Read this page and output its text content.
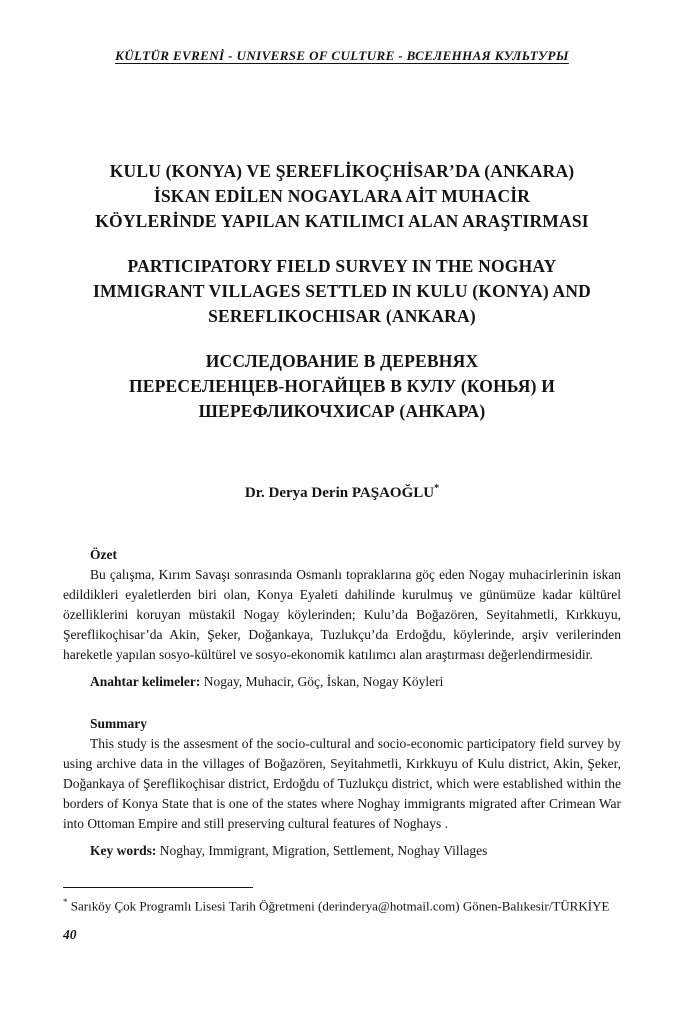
KÜLTÜR EVRENİ - UNIVERSE OF CULTURE - ВСЕЛЕННАЯ КУЛЬТУРЫ
KULU (KONYA) VE ŞEREFLİKOÇHİSAR’DA (ANKARA)
İSKAN EDİLEN NOGAYLARA AİT MUHACİR
KÖYLERİNDE YAPILAN KATILIMCI ALAN ARAŞTIRMASI
PARTICIPATORY FIELD SURVEY IN THE NOGHAY
IMMIGRANT VILLAGES SETTLED IN KULU (KONYA) AND
SEREFLIKOCHISAR (ANKARA)
ИССЛЕДОВАНИЕ В ДЕРЕВНЯХ
ПЕРЕСЕЛЕНЦЕВ-НОГАЙЦЕВ В КУЛУ (КОНЬЯ) И
ШЕРЕФЛИКОЧХИСАР (АНКАРА)
Dr. Derya Derin PAŞAOĞLU*
Özet

Bu çalışma, Kırım Savaşı sonrasında Osmanlı topraklarına göç eden Nogay muhacirlerinin iskan edildikleri eyaletlerden biri olan, Konya Eyaleti dahilinde kurulmuş ve günümüze kadar kültürel özelliklerini koruyan müstakil Nogay köylerinden; Kulu’da Boğazören, Seyitahmetli, Kırkkuyu, Şereflikoçhisar’da Akin, Şeker, Doğankaya, Tuzlukçu’da Erdoğdu, köylerinde, arşiv verilerinden hareketle yapılan sosyo-kültürel ve sosyo-ekonomik katılımcı alan araştırması değerlendirmesidir.

Anahtar kelimeler: Nogay, Muhacir, Göç, İskan, Nogay Köyleri

Summary

This study is the assesment of the socio-cultural and socio-economic participatory field survey by using archive data in the villages of Boğazören, Seyitahmetli, Kırkkuyu of Kulu district, Akin, Şeker, Doğankaya of Şereflikoçhisar district, Erdoğdu of Tuzlukçu district, which were established within the borders of Konya State that is one of the states where Noghay immigrants migrated after Crimean War into Ottoman Empire and still preserving cultural features of Noghays .

Key words: Noghay, Immigrant, Migration, Settlement, Noghay Villages

* Sarıköy Çok Programlı Lisesi Tarih Öğretmeni (derinderya@hotmail.com) Gönen-Balıkesir/TÜRKİYE

40
